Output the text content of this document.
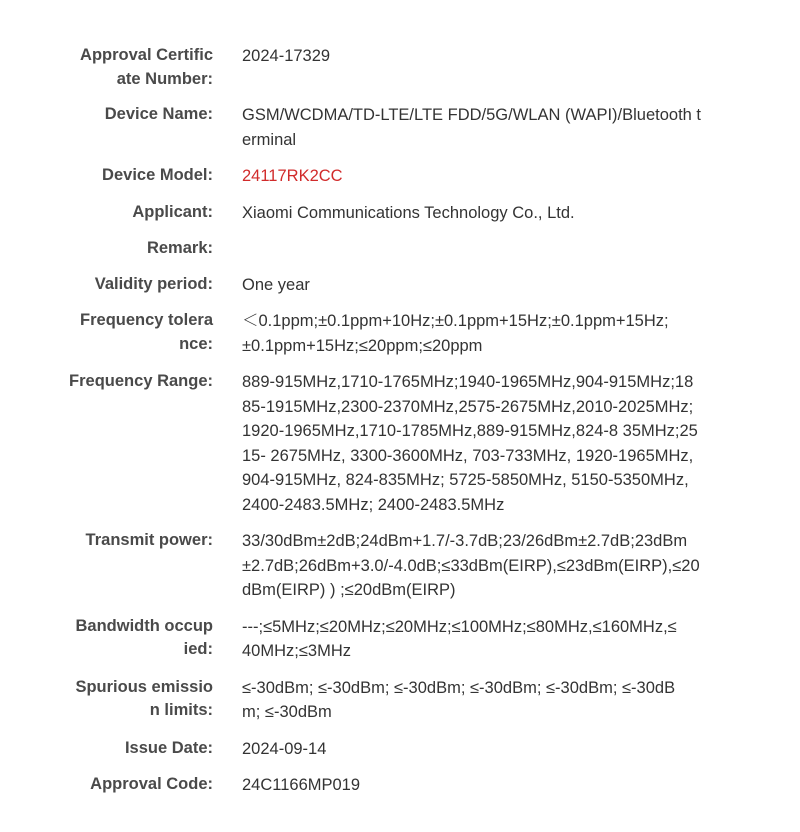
Approval Certific
ate Number:
2024-17329
Device Name: GSM/WCDMA/TD-LTE/LTE FDD/5G/WLAN (WAPI)/Bluetooth t
erminal
Device Model: 24117RK2CC
Applicant: Xiaomi Communications Technology Co., Ltd.
Remark:
Validity period: One year
Frequency tolera
nce:
＜0.1ppm;±0.1ppm+10Hz;±0.1ppm+15Hz;±0.1ppm+15Hz;
±0.1ppm+15Hz;≤20ppm;≤20ppm
Frequency Range: 889-915MHz,1710-1765MHz;1940-1965MHz,904-915MHz;18
85-1915MHz,2300-2370MHz,2575-2675MHz,2010-2025MHz;
1920-1965MHz,1710-1785MHz,889-915MHz,824-8 35MHz;25
15- 2675MHz, 3300-3600MHz, 703-733MHz, 1920-1965MHz,
904-915MHz, 824-835MHz; 5725-5850MHz, 5150-5350MHz,
2400-2483.5MHz; 2400-2483.5MHz
Transmit power: 33/30dBm±2dB;24dBm+1.7/-3.7dB;23/26dBm±2.7dB;23dBm
±2.7dB;26dBm+3.0/-4.0dB;≤33dBm(EIRP),≤23dBm(EIRP),≤20
dBm(EIRP) ) ;≤20dBm(EIRP)
Bandwidth occup
ied:
---;≤5MHz;≤20MHz;≤20MHz;≤100MHz;≤80MHz,≤160MHz,≤
40MHz;≤3MHz
Spurious emissio
n limits:
≤-30dBm; ≤-30dBm; ≤-30dBm; ≤-30dBm; ≤-30dBm; ≤-30dB
m; ≤-30dBm
Issue Date: 2024-09-14
Approval Code: 24C1166MP019
